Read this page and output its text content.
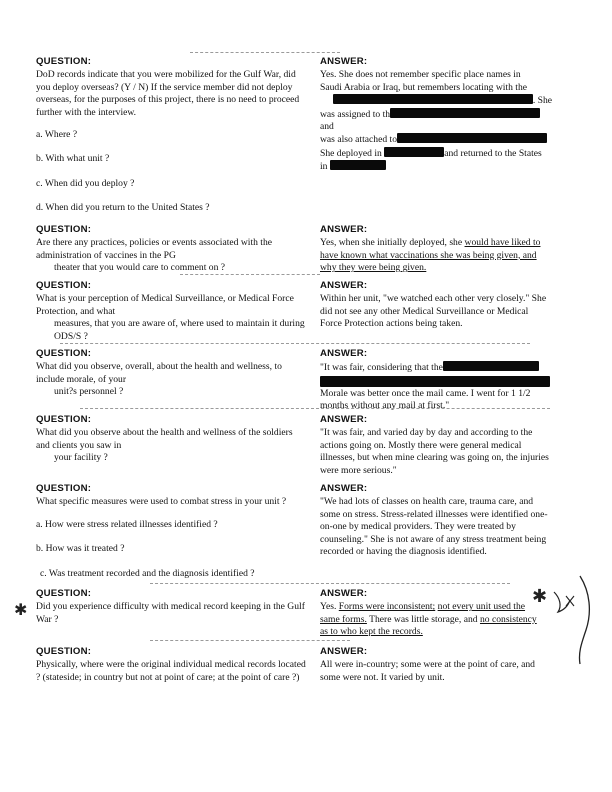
QUESTION:
DoD records indicate that you were mobilized for the Gulf War, did you deploy overseas? (Y / N) If the service member did not deploy overseas, for the purposes of this project, there is no need to proceed further with the interview.
a. Where ?
b. With what unit ?
c. When did you deploy ?
d. When did you return to the United States ?
ANSWER:
Yes. She does not remember specific place names in
Saudi Arabia or Iraq, but remembers locating with the
. She
was assigned to thand
was also attached to
She deployed in	and returned to the States
in
QUESTION:
Are there any practices, policies or events associated with the
administration of vaccines in the PG
theater that you would care to comment on ?
ANSWER:
Yes, when she initially deployed, she would have liked to
have known what vaccinations she was being given, and
why they were being given.
QUESTION:
What is your perception of Medical Surveillance, or Medical Force Protection, and what
measures, that you are aware of, where used to maintain it during ODS/S ?
ANSWER:
Within her unit, "we watched each other very closely." She did not see any other Medical Surveillance or Medical Force Protection actions being taken.
QUESTION:
What did you observe, overall, about the health and wellness, to include morale, of your
unit?s personnel ?
ANSWER:
"It was fair, considering that the
Morale was better once the mail came. I went for 1 1/2
months without any mail at first."
QUESTION:
What did you observe about the health and wellness of the soldiers and clients you saw in
your facility ?
ANSWER:
"It was fair, and varied day by day and according to the actions going on. Mostly there were general medical illnesses, but when mine clearing was going on, the injuries were more serious."
QUESTION:
What specific measures were used to combat stress in your unit ?
a. How were stress related illnesses identified ?
b. How was it treated ?
c. Was treatment recorded and the diagnosis identified ?
ANSWER:
"We had lots of classes on health care, trauma care, and some on stress. Stress-related illnesses were identified one-on-one by medical providers. They were treated by counseling." She is not aware of any stress treatment being recorded or having the diagnosis identified.
QUESTION:
Did you experience difficulty with medical record keeping in the Gulf War ?
ANSWER:
Yes. Forms were inconsistent; not every unit used the
same forms. There was little storage, and no consistency
as to who kept the records.
QUESTION:
Physically, where were the original individual medical records located ? (stateside; in country but not at point of care; at the point of care ?)
ANSWER:
All were in-country; some were at the point of care, and some were not. It varied by unit.
✱
✱
